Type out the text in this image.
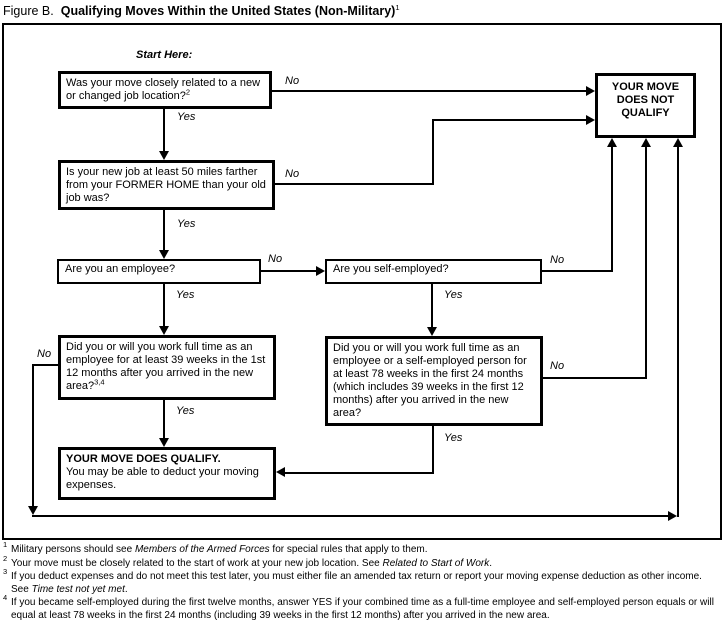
Figure B. Qualifying Moves Within the United States (Non-Military)$^1$
Start Here:
Was your move closely related to a new or changed job location?$^2$
Is your new job at least 50 miles farther from your FORMER HOME than your old job was?
Are you an employee?	Are you self-employed?
Did you or will you work full time as an employee for at least 39 weeks in the 1st 12 months after you arrived in the new area?$^{3,4}$
Did you or will you work full time as an employee or a self-employed person for at least 78 weeks in the first 24 months (which includes 39 weeks in the first 12 months) after you arrived in the new area?
YOUR MOVE DOES QUALIFY.
You may be able to deduct your moving expenses.
YOUR MOVE DOES NOT QUALIFY
Yes
No
Yes
No
Yes
No
Yes
No
No
Yes
No
Yes

1 Military persons should see Members of the Armed Forces for special rules that apply to them.

2 Your move must be closely related to the start of work at your new job location. See Related to Start of Work.

3 If you deduct expenses and do not meet this test later, you must either file an amended tax return or report your moving expense deduction as other income.
See Time test not yet met.

4 If you became self-employed during the first twelve months, answer YES if your combined time as a full-time employee and self-employed person equals or will
equal at least 78 weeks in the first 24 months (including 39 weeks in the first 12 months) after you arrived in the new area.
